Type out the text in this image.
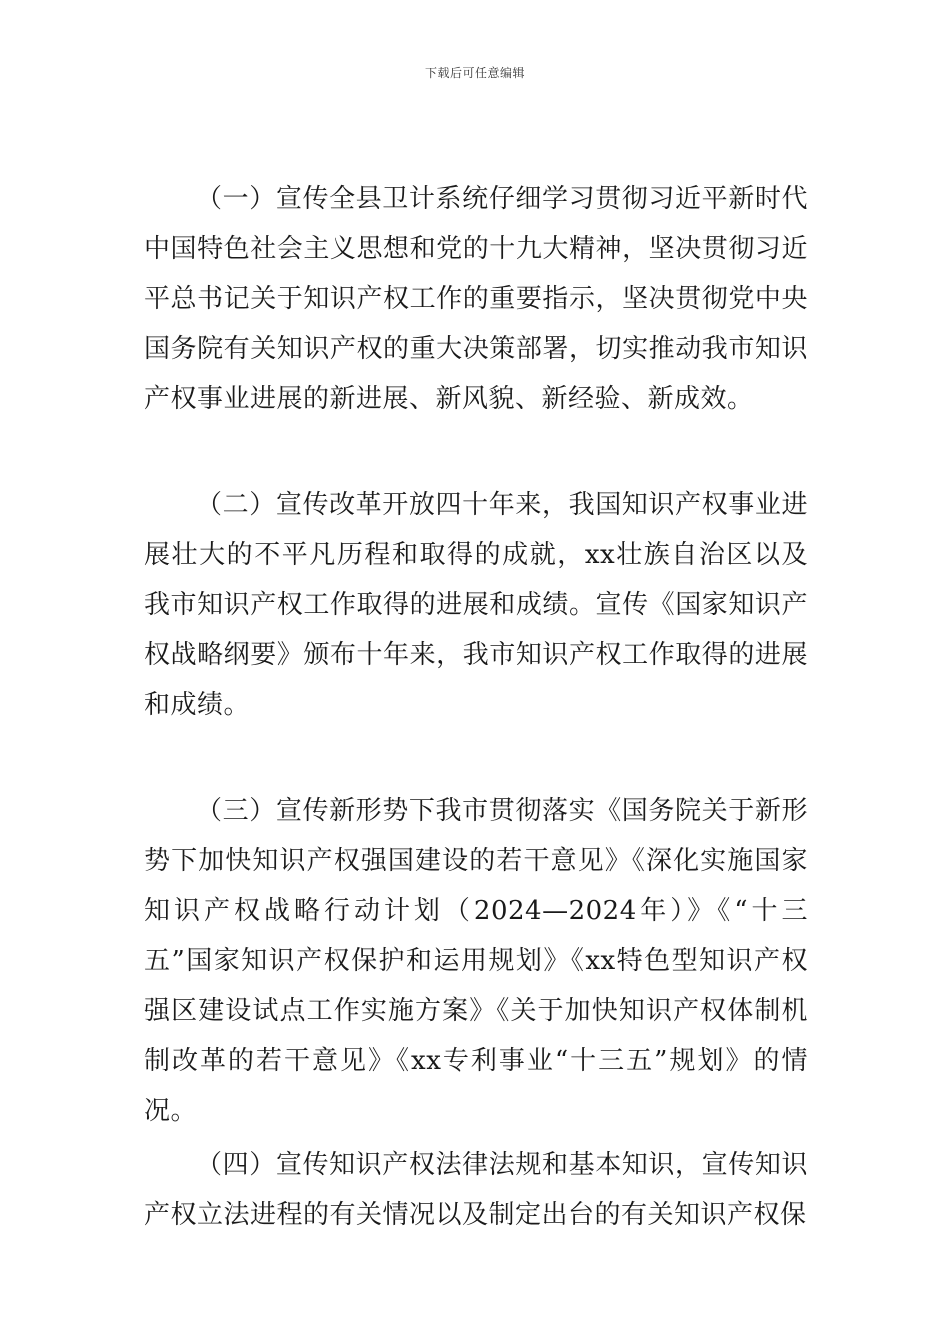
下载后可任意编辑

（一）宣传全县卫计系统仔细学习贯彻习近平新时代中国特色社会主义思想和党的十九大精神，坚决贯彻习近平总书记关于知识产权工作的重要指示，坚决贯彻党中央国务院有关知识产权的重大决策部署，切实推动我市知识产权事业进展的新进展、新风貌、新经验、新成效。

（二）宣传改革开放四十年来，我国知识产权事业进展壮大的不平凡历程和取得的成就，xx壮族自治区以及我市知识产权工作取得的进展和成绩。宣传《国家知识产权战略纲要》颁布十年来，我市知识产权工作取得的进展和成绩。

（三）宣传新形势下我市贯彻落实《国务院关于新形势下加快知识产权强国建设的若干意见》《深化实施国家知识产权战略行动计划（2024—2024年）》《“十三五”国家知识产权保护和运用规划》《xx特色型知识产权强区建设试点工作实施方案》《关于加快知识产权体制机制改革的若干意见》《xx专利事业“十三五”规划》的情况。

（四）宣传知识产权法律法规和基本知识，宣传知识产权立法进程的有关情况以及制定出台的有关知识产权保
